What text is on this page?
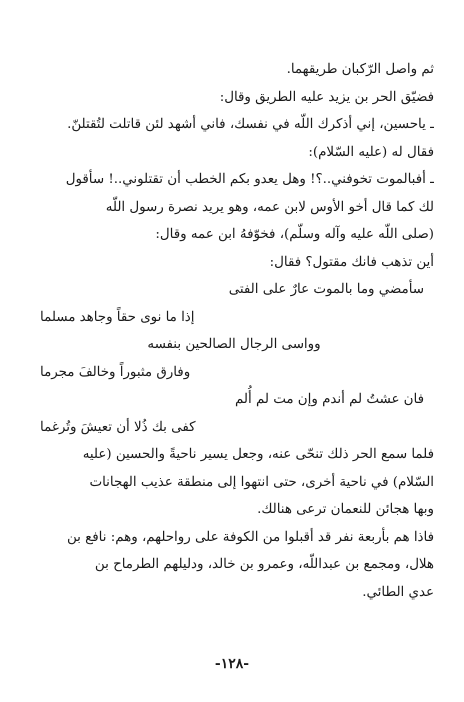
ثم واصل الرّكبان طريقهما.
فضيّق الحر بن يزيد عليه الطريق وقال:
ـ ياحسين، إني أذكرك اللّه في نفسك، فاني أشهد لئن قاتلت لتُقتلنّ.
فقال له (عليه السّلام):
ـ أفبالموت تخوفني..؟! وهل يعدو بكم الخطب أن تقتلوني..! سأقول
لك كما قال أخو الأوس لابن عمه، وهو يريد نصرة رسول اللّه
(صلى اللّه عليه وآله وسلّم)، فخوّفهُ ابن عمه وقال:
أين تذهب فانك مقتول؟ فقال:
سأمضي وما بالموت عارٌ على الفتى
إذا ما نوى حقاً وجاهد مسلما
وواسى الرجال الصالحين بنفسه
وفارق مثبوراً وخالفَ مجرما
فان عشتُ لم أندم وإن مت لم أُلم
كفى بك ذُلا أن تعيشَ وتُرغما
فلما سمع الحر ذلك تنحّى عنه، وجعل يسير ناحيةً والحسين (عليه
السّلام) في ناحية أخرى، حتى انتهوا إلى منطقة عذيب الهجانات
وبها هجائن للنعمان ترعى هنالك.
فاذا هم بأربعة نفر قد أقبلوا من الكوفة على رواحلهم، وهم: نافع بن
هلال، ومجمع بن عبداللّه، وعمرو بن خالد، ودليلهم الطرماح بن
عدي الطائي.
-١٢٨-
